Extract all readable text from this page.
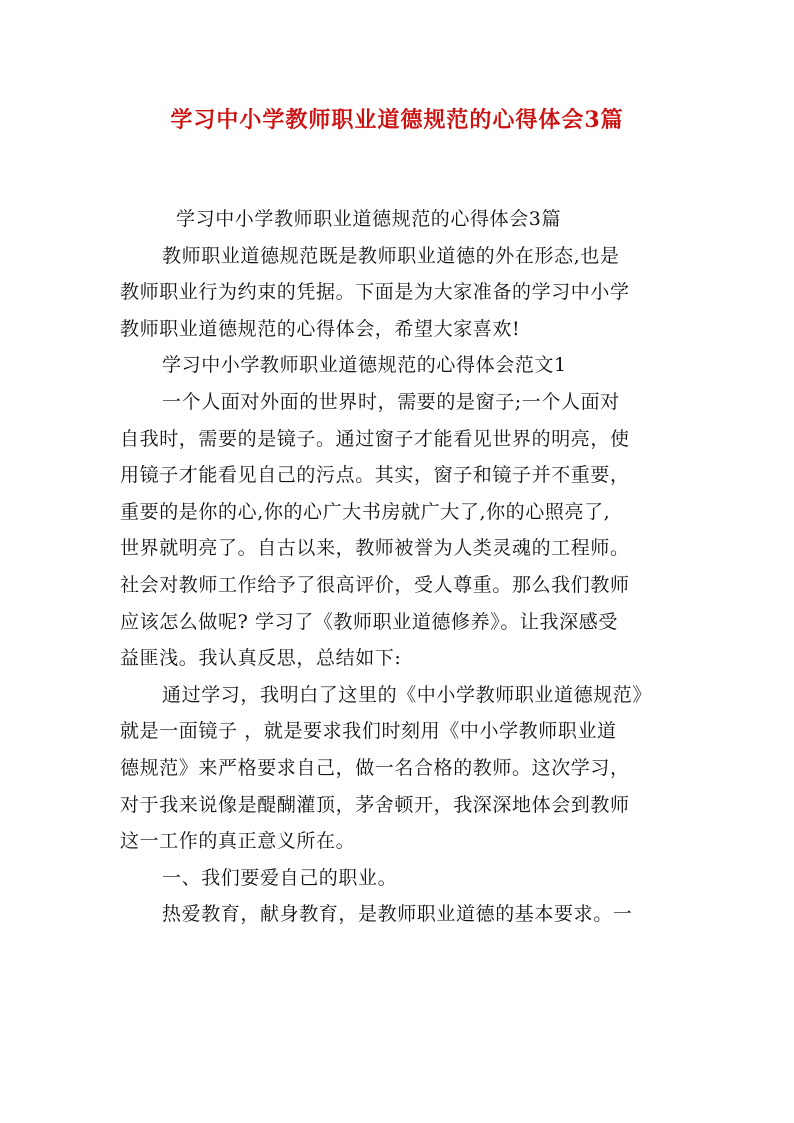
学习中小学教师职业道德规范的心得体会3篇

学习中小学教师职业道德规范的心得体会3篇

教师职业道德规范既是教师职业道德的外在形态,也是

教师职业行为约束的凭据。下面是为大家准备的学习中小学

教师职业道德规范的心得体会，希望大家喜欢!

学习中小学教师职业道德规范的心得体会范文1

一个人面对外面的世界时，需要的是窗子;一个人面对

自我时，需要的是镜子。通过窗子才能看见世界的明亮，使

用镜子才能看见自己的污点。其实，窗子和镜子并不重要，

重要的是你的心,你的心广大书房就广大了,你的心照亮了,

世界就明亮了。自古以来，教师被誉为人类灵魂的工程师。

社会对教师工作给予了很高评价，受人尊重。那么我们教师

应该怎么做呢? 学习了《教师职业道德修养》。让我深感受

益匪浅。我认真反思，总结如下:

通过学习，我明白了这里的《中小学教师职业道德规范》

就是一面镜子 ，就是要求我们时刻用《中小学教师职业道

德规范》来严格要求自己，做一名合格的教师。这次学习，

对于我来说像是醍醐灌顶，茅舍顿开，我深深地体会到教师

这一工作的真正意义所在。

一、我们要爱自己的职业。

热爱教育，献身教育，是教师职业道德的基本要求。一
